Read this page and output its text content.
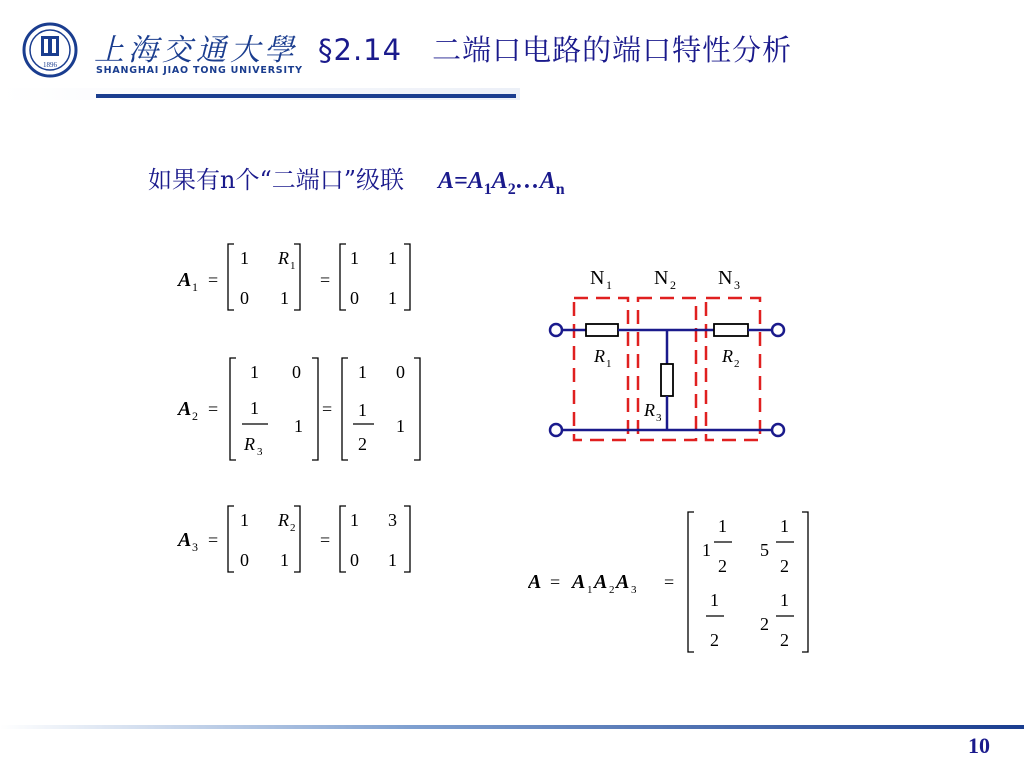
1896 上海交通大學
SHANGHAI JIAO TONG UNIVERSITY
§2.14　二端口电路的端口特性分析
如果有n个“二端口”级联 $A=A_1A_2\dots A_n$
A 1 =
1 R 1
0 1
=
1 1
0 1
A 2 =
1 0
1
R 3
1
=
1 0
1
2
1
A 3 =
1 R 2
0 1
=
1 3
0 1
N 1 N 2 N 3
R 1	R 2
R 3
A = A 1 A 2 A 3 =
1
1
2
5
1
2
1
2
2
1
2
10
